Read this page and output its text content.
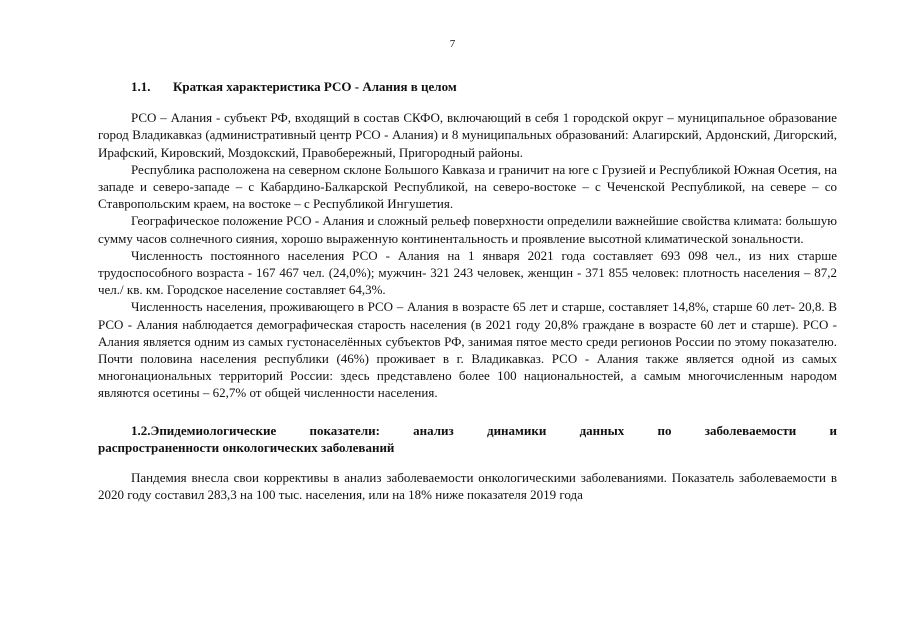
7

1.1. Краткая характеристика РСО - Алания в целом

РСО – Алания - субъект РФ, входящий в состав СКФО, включающий в себя 1 городской округ – муниципальное образование город Владикавказ (административный центр РСО - Алания) и 8 муниципальных образований: Алагирский, Ардонский, Дигорский, Ирафский, Кировский, Моздокский, Правобережный, Пригородный районы.

Республика расположена на северном склоне Большого Кавказа и граничит на юге с Грузией и Республикой Южная Осетия, на западе и северо-западе – с Кабардино-Балкарской Республикой, на северо-востоке – с Чеченской Республикой, на севере – со Ставропольским краем, на востоке – с Республикой Ингушетия.

Географическое положение РСО - Алания и сложный рельеф поверхности определили важнейшие свойства климата: большую сумму часов солнечного сияния, хорошо выраженную континентальность и проявление высотной климатической зональности.

Численность постоянного населения РСО - Алания на 1 января 2021 года составляет 693 098 чел., из них старше трудоспособного возраста - 167 467 чел. (24,0%); мужчин- 321 243 человек, женщин - 371 855 человек: плотность населения – 87,2 чел./ кв. км. Городское население составляет 64,3%.

Численность населения, проживающего в РСО – Алания в возрасте 65 лет и старше, составляет 14,8%, старше 60 лет- 20,8. В РСО - Алания наблюдается демографическая старость населения (в 2021 году 20,8% граждане в возрасте 60 лет и старше). РСО - Алания является одним из самых густонаселённых субъектов РФ, занимая пятое место среди регионов России по этому показателю. Почти половина населения республики (46%) проживает в г. Владикавказ. РСО - Алания также является одной из самых многонациональных территорий России: здесь представлено более 100 национальностей, а самым многочисленным народом являются осетины – 62,7% от общей численности населения.

1.2.Эпидемиологические показатели: анализ динамики данных по заболеваемости и
распространенности онкологических заболеваний

Пандемия внесла свои коррективы в анализ заболеваемости онкологическими заболеваниями. Показатель заболеваемости в 2020 году составил 283,3 на 100 тыс. населения, или на 18% ниже показателя 2019 года
